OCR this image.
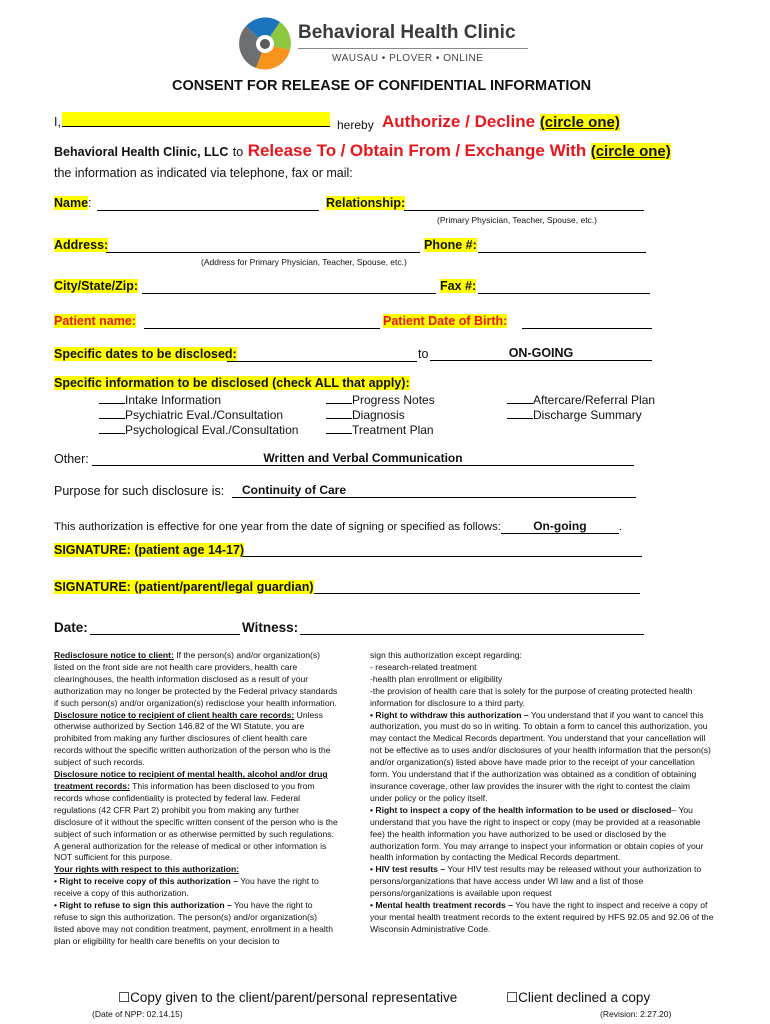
Behavioral Health Clinic
WAUSAU • PLOVER • ONLINE
CONSENT FOR RELEASE OF CONFIDENTIAL INFORMATION
I,	hereby Authorize / Decline (circle one)
Behavioral Health Clinic, LLC to Release To / Obtain From / Exchange With (circle one)
the information as indicated via telephone, fax or mail:
Name:	Relationship:
(Primary Physician, Teacher, Spouse, etc.)
Address:	Phone #:
(Address for Primary Physician, Teacher, Spouse, etc.)
City/State/Zip:	Fax #:
Patient name:	Patient Date of Birth:
Specific dates to be disclosed:	to	ON-GOING
Specific information to be disclosed (check ALL that apply):
Intake Information
Psychiatric Eval./Consultation
Psychological Eval./Consultation
Progress Notes
Diagnosis
Treatment Plan
Aftercare/Referral Plan
Discharge Summary
Other:	Written and Verbal Communication
Purpose for such disclosure is:	Continuity of Care
This authorization is effective for one year from the date of signing or specified as follows:	On-going	.
SIGNATURE: (patient age 14-17)
SIGNATURE: (patient/parent/legal guardian)
Date:	Witness:
Redisclosure notice to client: If the person(s) and/or organization(s) listed on the front side are not health care providers, health care clearinghouses, the health information disclosed as a result of your authorization may no longer be protected by the Federal privacy standards if such person(s) and/or organization(s) redisclose your health information.
Disclosure notice to recipient of client health care records: Unless otherwise authorized by Section 146.82 of the WI Statute, you are prohibited from making any further disclosures of client health care records without the specific written authorization of the person who is the subject of such records.
Disclosure notice to recipient of mental health, alcohol and/or drug treatment records: This information has been disclosed to you from records whose confidentiality is protected by federal law. Federal regulations (42 CFR Part 2) prohibit you from making any further disclosure of it without the specific written consent of the person who is the subject of such information or as otherwise permitted by such regulations. A general authorization for the release of medical or other information is NOT sufficient for this purpose.
Your rights with respect to this authorization:
• Right to receive copy of this authorization – You have the right to receive a copy of this authorization.
• Right to refuse to sign this authorization – You have the right to refuse to sign this authorization. The person(s) and/or organization(s) listed above may not condition treatment, payment, enrollment in a health plan or eligibility for health care benefits on your decision to
sign this authorization except regarding:
- research-related treatment
-health plan enrollment or eligibility
-the provision of health care that is solely for the purpose of creating protected health information for disclosure to a third party.
• Right to withdraw this authorization – You understand that if you want to cancel this authorization, you must do so in writing. To obtain a form to cancel this authorization, you may contact the Medical Records department. You understand that your cancellation will not be effective as to uses and/or disclosures of your health information that the person(s) and/or organization(s) listed above have made prior to the receipt of your cancellation form. You understand that if the authorization was obtained as a condition of obtaining insurance coverage, other law provides the insurer with the right to contest the claim under policy or the policy itself.
• Right to inspect a copy of the health information to be used or disclosed– You understand that you have the right to inspect or copy (may be provided at a reasonable fee) the health information you have authorized to be used or disclosed by the authorization form. You may arrange to inspect your information or obtain copies of your health information by contacting the Medical Records department.
• HIV test results – Your HIV test results may be released without your authorization to persons/organizations that have access under WI law and a list of those persons/organizations is available upon request
• Mental health treatment records – You have the right to inspect and receive a copy of your mental health treatment records to the extent required by HFS 92.05 and 92.06 of the Wisconsin Administrative Code.
☐Copy given to the client/parent/personal representative	☐Client declined a copy
(Date of NPP: 02.14.15)	(Revision: 2.27.20)
